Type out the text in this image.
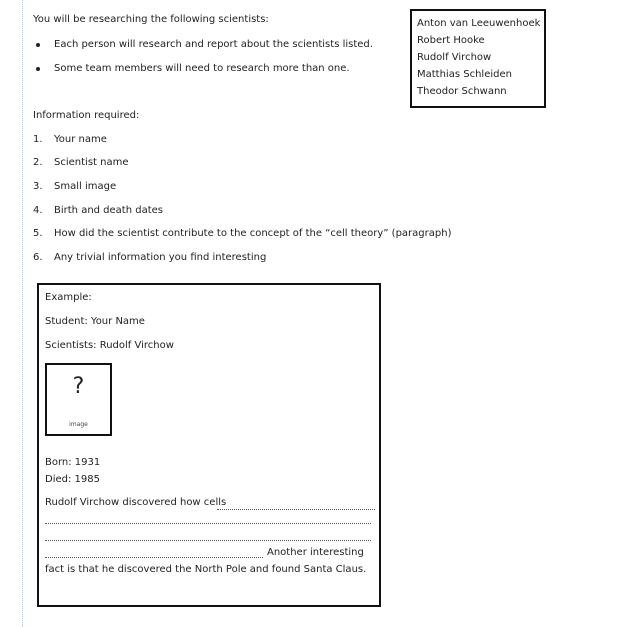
You will be researching the following scientists:
Each person will research and report about the scientists listed.
Some team members will need to research more than one.
Anton van Leeuwenhoek
Robert Hooke
Rudolf Virchow
Matthias Schleiden
Theodor Schwann
Information required:
1. Your name
2. Scientist name
3. Small image
4. Birth and death dates
5. How did the scientist contribute to the concept of the “cell theory” (paragraph)
6. Any trivial information you find interesting
Example:
Student: Your Name
Scientists: Rudolf Virchow
?
image
Born: 1931
Died: 1985
Rudolf Virchow discovered how cells
Another interesting
fact is that he discovered the North Pole and found Santa Claus.
